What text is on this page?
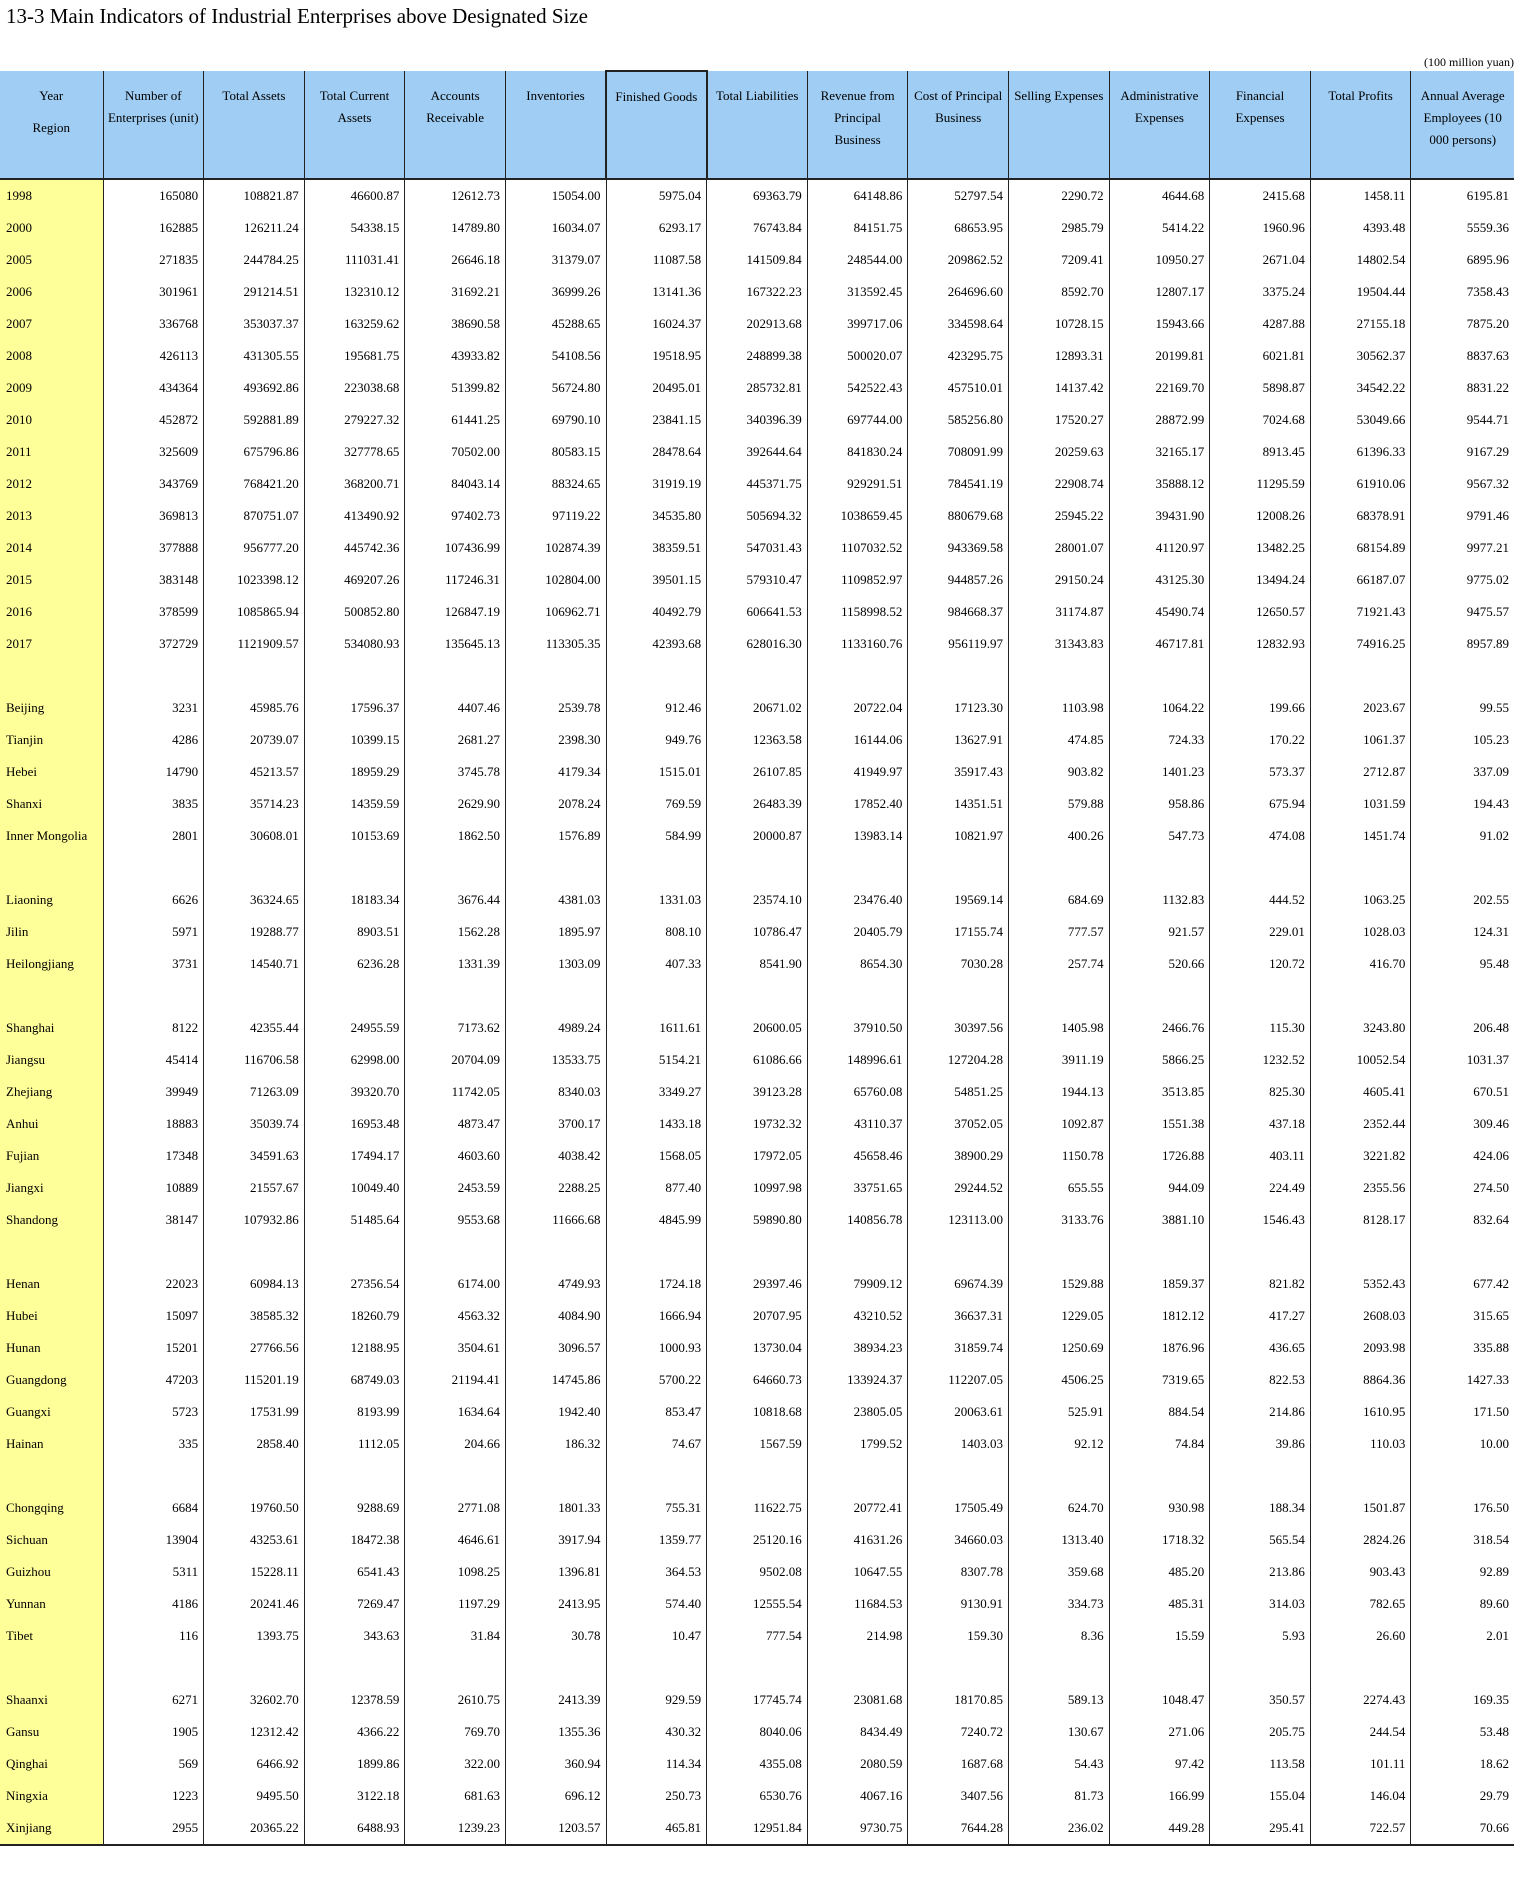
13-3 Main Indicators of Industrial Enterprises above Designated Size
(100 million yuan)
Year
Region	Number of Enterprises (unit)	Total Assets	Total Current Assets	Accounts Receivable	Inventories	Finished Goods	Total Liabilities	Revenue from Principal Business	Cost of Principal Business	Selling Expenses	Administrative Expenses	Financial Expenses	Total Profits	Annual Average Employees (10 000 persons)
1998	165080	108821.87	46600.87	12612.73	15054.00	5975.04	69363.79	64148.86	52797.54	2290.72	4644.68	2415.68	1458.11	6195.81
2000	162885	126211.24	54338.15	14789.80	16034.07	6293.17	76743.84	84151.75	68653.95	2985.79	5414.22	1960.96	4393.48	5559.36
2005	271835	244784.25	111031.41	26646.18	31379.07	11087.58	141509.84	248544.00	209862.52	7209.41	10950.27	2671.04	14802.54	6895.96
2006	301961	291214.51	132310.12	31692.21	36999.26	13141.36	167322.23	313592.45	264696.60	8592.70	12807.17	3375.24	19504.44	7358.43
2007	336768	353037.37	163259.62	38690.58	45288.65	16024.37	202913.68	399717.06	334598.64	10728.15	15943.66	4287.88	27155.18	7875.20
2008	426113	431305.55	195681.75	43933.82	54108.56	19518.95	248899.38	500020.07	423295.75	12893.31	20199.81	6021.81	30562.37	8837.63
2009	434364	493692.86	223038.68	51399.82	56724.80	20495.01	285732.81	542522.43	457510.01	14137.42	22169.70	5898.87	34542.22	8831.22
2010	452872	592881.89	279227.32	61441.25	69790.10	23841.15	340396.39	697744.00	585256.80	17520.27	28872.99	7024.68	53049.66	9544.71
2011	325609	675796.86	327778.65	70502.00	80583.15	28478.64	392644.64	841830.24	708091.99	20259.63	32165.17	8913.45	61396.33	9167.29
2012	343769	768421.20	368200.71	84043.14	88324.65	31919.19	445371.75	929291.51	784541.19	22908.74	35888.12	11295.59	61910.06	9567.32
2013	369813	870751.07	413490.92	97402.73	97119.22	34535.80	505694.32	1038659.45	880679.68	25945.22	39431.90	12008.26	68378.91	9791.46
2014	377888	956777.20	445742.36	107436.99	102874.39	38359.51	547031.43	1107032.52	943369.58	28001.07	41120.97	13482.25	68154.89	9977.21
2015	383148	1023398.12	469207.26	117246.31	102804.00	39501.15	579310.47	1109852.97	944857.26	29150.24	43125.30	13494.24	66187.07	9775.02
2016	378599	1085865.94	500852.80	126847.19	106962.71	40492.79	606641.53	1158998.52	984668.37	31174.87	45490.74	12650.57	71921.43	9475.57
2017	372729	1121909.57	534080.93	135645.13	113305.35	42393.68	628016.30	1133160.76	956119.97	31343.83	46717.81	12832.93	74916.25	8957.89

Beijing	3231	45985.76	17596.37	4407.46	2539.78	912.46	20671.02	20722.04	17123.30	1103.98	1064.22	199.66	2023.67	99.55
Tianjin	4286	20739.07	10399.15	2681.27	2398.30	949.76	12363.58	16144.06	13627.91	474.85	724.33	170.22	1061.37	105.23
Hebei	14790	45213.57	18959.29	3745.78	4179.34	1515.01	26107.85	41949.97	35917.43	903.82	1401.23	573.37	2712.87	337.09
Shanxi	3835	35714.23	14359.59	2629.90	2078.24	769.59	26483.39	17852.40	14351.51	579.88	958.86	675.94	1031.59	194.43
Inner Mongolia	2801	30608.01	10153.69	1862.50	1576.89	584.99	20000.87	13983.14	10821.97	400.26	547.73	474.08	1451.74	91.02

Liaoning	6626	36324.65	18183.34	3676.44	4381.03	1331.03	23574.10	23476.40	19569.14	684.69	1132.83	444.52	1063.25	202.55
Jilin	5971	19288.77	8903.51	1562.28	1895.97	808.10	10786.47	20405.79	17155.74	777.57	921.57	229.01	1028.03	124.31
Heilongjiang	3731	14540.71	6236.28	1331.39	1303.09	407.33	8541.90	8654.30	7030.28	257.74	520.66	120.72	416.70	95.48

Shanghai	8122	42355.44	24955.59	7173.62	4989.24	1611.61	20600.05	37910.50	30397.56	1405.98	2466.76	115.30	3243.80	206.48
Jiangsu	45414	116706.58	62998.00	20704.09	13533.75	5154.21	61086.66	148996.61	127204.28	3911.19	5866.25	1232.52	10052.54	1031.37
Zhejiang	39949	71263.09	39320.70	11742.05	8340.03	3349.27	39123.28	65760.08	54851.25	1944.13	3513.85	825.30	4605.41	670.51
Anhui	18883	35039.74	16953.48	4873.47	3700.17	1433.18	19732.32	43110.37	37052.05	1092.87	1551.38	437.18	2352.44	309.46
Fujian	17348	34591.63	17494.17	4603.60	4038.42	1568.05	17972.05	45658.46	38900.29	1150.78	1726.88	403.11	3221.82	424.06
Jiangxi	10889	21557.67	10049.40	2453.59	2288.25	877.40	10997.98	33751.65	29244.52	655.55	944.09	224.49	2355.56	274.50
Shandong	38147	107932.86	51485.64	9553.68	11666.68	4845.99	59890.80	140856.78	123113.00	3133.76	3881.10	1546.43	8128.17	832.64

Henan	22023	60984.13	27356.54	6174.00	4749.93	1724.18	29397.46	79909.12	69674.39	1529.88	1859.37	821.82	5352.43	677.42
Hubei	15097	38585.32	18260.79	4563.32	4084.90	1666.94	20707.95	43210.52	36637.31	1229.05	1812.12	417.27	2608.03	315.65
Hunan	15201	27766.56	12188.95	3504.61	3096.57	1000.93	13730.04	38934.23	31859.74	1250.69	1876.96	436.65	2093.98	335.88
Guangdong	47203	115201.19	68749.03	21194.41	14745.86	5700.22	64660.73	133924.37	112207.05	4506.25	7319.65	822.53	8864.36	1427.33
Guangxi	5723	17531.99	8193.99	1634.64	1942.40	853.47	10818.68	23805.05	20063.61	525.91	884.54	214.86	1610.95	171.50
Hainan	335	2858.40	1112.05	204.66	186.32	74.67	1567.59	1799.52	1403.03	92.12	74.84	39.86	110.03	10.00

Chongqing	6684	19760.50	9288.69	2771.08	1801.33	755.31	11622.75	20772.41	17505.49	624.70	930.98	188.34	1501.87	176.50
Sichuan	13904	43253.61	18472.38	4646.61	3917.94	1359.77	25120.16	41631.26	34660.03	1313.40	1718.32	565.54	2824.26	318.54
Guizhou	5311	15228.11	6541.43	1098.25	1396.81	364.53	9502.08	10647.55	8307.78	359.68	485.20	213.86	903.43	92.89
Yunnan	4186	20241.46	7269.47	1197.29	2413.95	574.40	12555.54	11684.53	9130.91	334.73	485.31	314.03	782.65	89.60
Tibet	116	1393.75	343.63	31.84	30.78	10.47	777.54	214.98	159.30	8.36	15.59	5.93	26.60	2.01

Shaanxi	6271	32602.70	12378.59	2610.75	2413.39	929.59	17745.74	23081.68	18170.85	589.13	1048.47	350.57	2274.43	169.35
Gansu	1905	12312.42	4366.22	769.70	1355.36	430.32	8040.06	8434.49	7240.72	130.67	271.06	205.75	244.54	53.48
Qinghai	569	6466.92	1899.86	322.00	360.94	114.34	4355.08	2080.59	1687.68	54.43	97.42	113.58	101.11	18.62
Ningxia	1223	9495.50	3122.18	681.63	696.12	250.73	6530.76	4067.16	3407.56	81.73	166.99	155.04	146.04	29.79
Xinjiang	2955	20365.22	6488.93	1239.23	1203.57	465.81	12951.84	9730.75	7644.28	236.02	449.28	295.41	722.57	70.66
